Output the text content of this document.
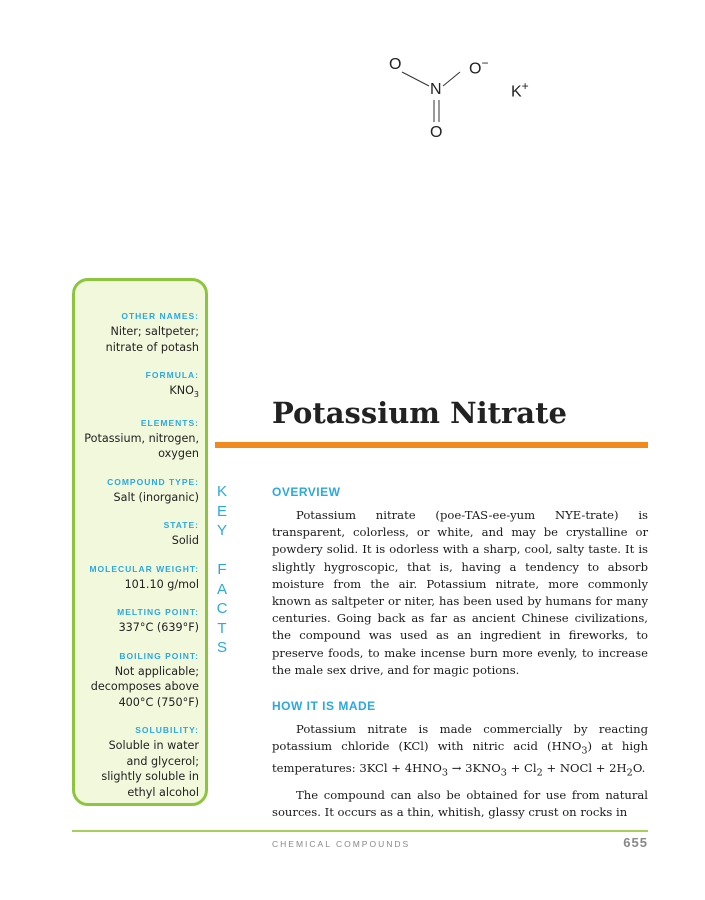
O	O−
N
O
K+
OTHER NAMES:
Niter; saltpeter;
nitrate of potash
FORMULA:
$KNO_3$
ELEMENTS:
Potassium, nitrogen,
oxygen
COMPOUND TYPE:
Salt (inorganic)
STATE:
Solid
MOLECULAR WEIGHT:
101.10 g/mol
MELTING POINT:
337°C (639°F)
BOILING POINT:
Not applicable;
decomposes above
400°C (750°F)
SOLUBILITY:
Soluble in water
and glycerol;
slightly soluble in
ethyl alcohol
K
E
Y

F
A
C
T
S
Potassium Nitrate
OVERVIEW

Potassium nitrate (poe-TAS-ee-yum NYE-trate) is transparent, colorless, or white, and may be crystalline or powdery solid. It is odorless with a sharp, cool, salty taste. It is slightly hygroscopic, that is, having a tendency to absorb moisture from the air. Potassium nitrate, more commonly known as saltpeter or niter, has been used by humans for many centuries. Going back as far as ancient Chinese civilizations, the compound was used as an ingredient in fireworks, to preserve foods, to make incense burn more evenly, to increase the male sex drive, and for magic potions.

HOW IT IS MADE

Potassium nitrate is made commercially by reacting potassium chloride (KCl) with nitric acid $(HNO_3)$ at high temperatures: $3KCl + 4HNO_3 \to 3KNO_3 + Cl_2$ + NOCl + $2H_2O$.

The compound can also be obtained for use from natural sources. It occurs as a thin, whitish, glassy crust on rocks in

CHEMICAL COMPOUNDS	655
